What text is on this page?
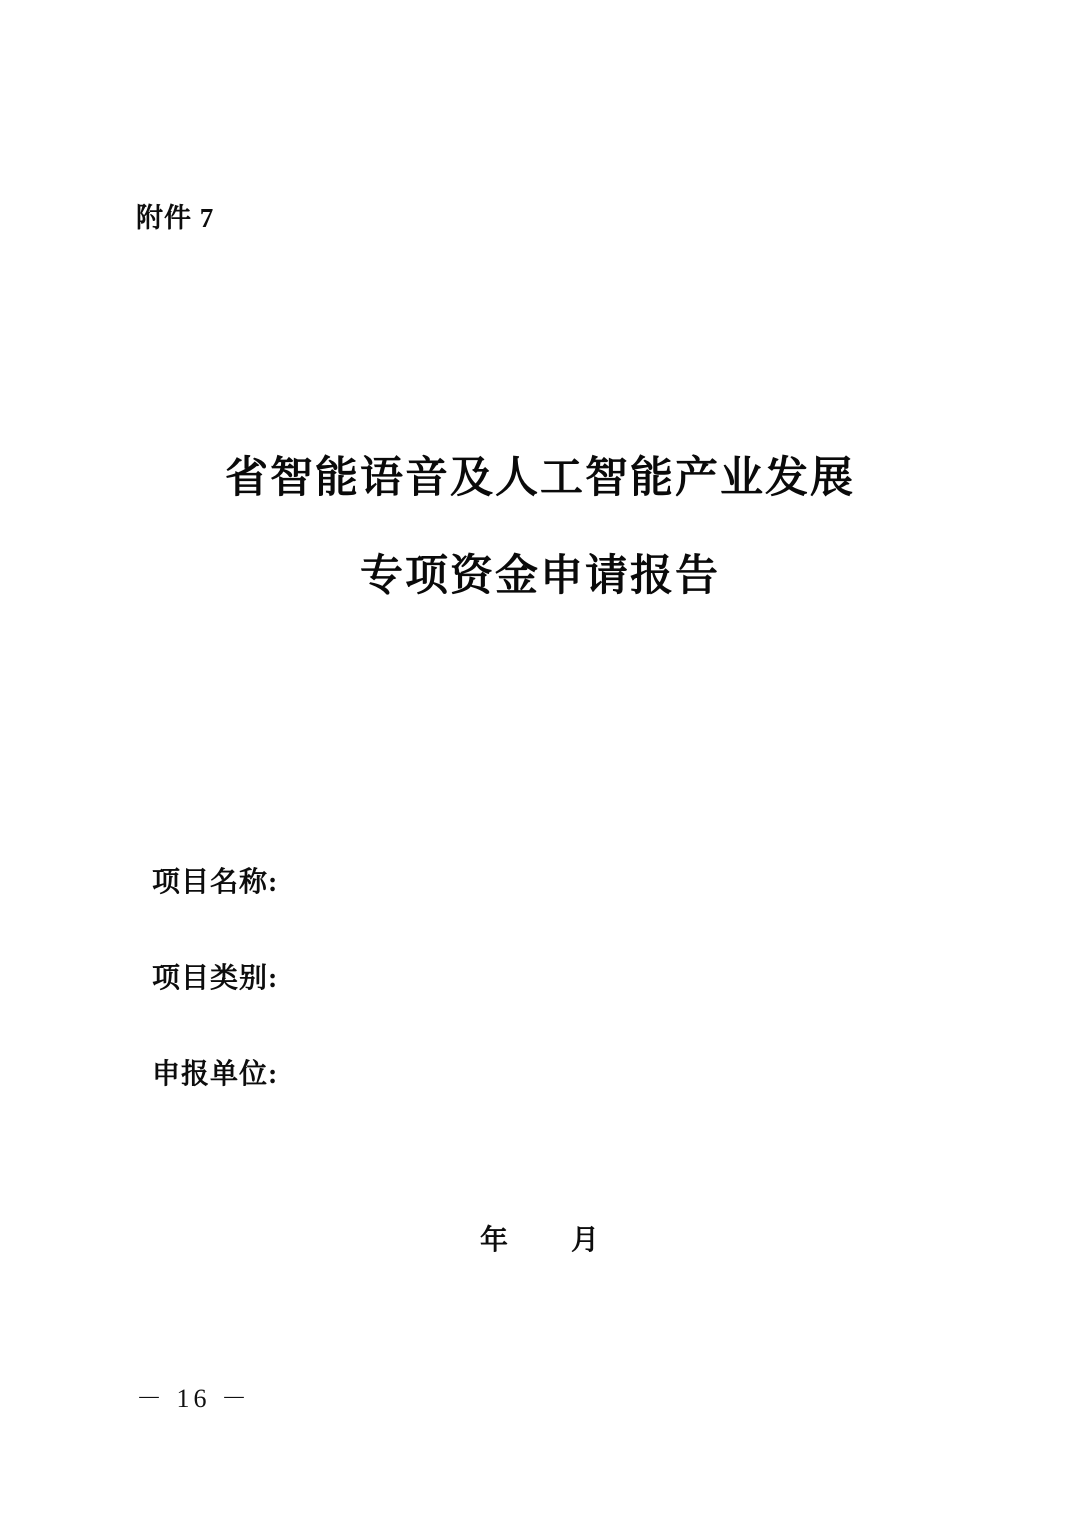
附件 7
省智能语音及人工智能产业发展
专项资金申请报告
项目名称:
项目类别:
申报单位:
年 月
－ 16 －
